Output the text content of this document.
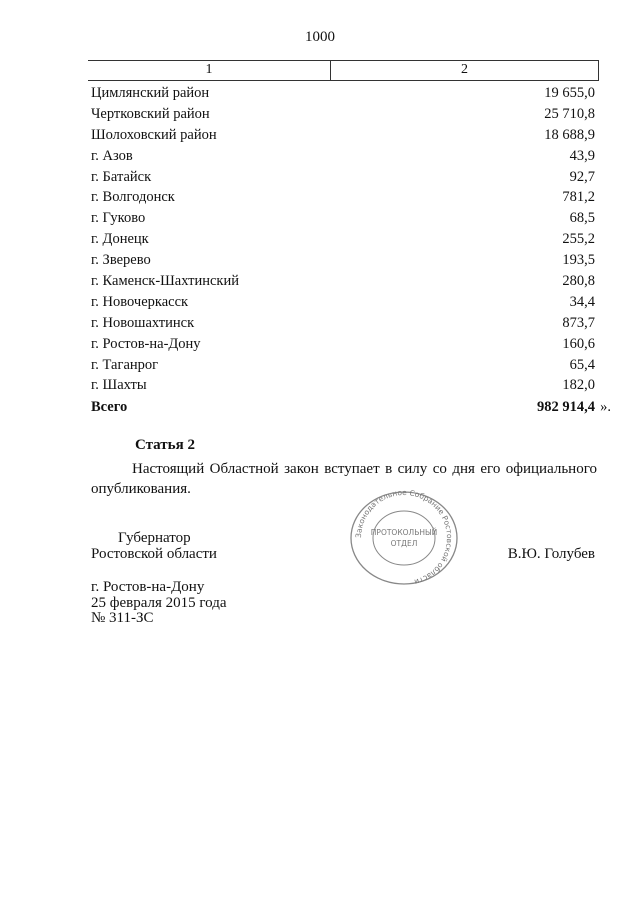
1000
1	2
Цимлянский район	19 655,0
Чертковский район	25 710,8
Шолоховский район	18 688,9
г. Азов	43,9
г. Батайск	92,7
г. Волгодонск	781,2
г. Гуково	68,5
г. Донецк	255,2
г. Зверево	193,5
г. Каменск-Шахтинский	280,8
г. Новочеркасск	34,4
г. Новошахтинск	873,7
г. Ростов-на-Дону	160,6
г. Таганрог	65,4
г. Шахты	182,0
Всего	982 914,4 ».
Статья 2
Настоящий Областной закон вступает в силу со дня его официального опубликования.
Губернатор
Ростовской области	В.Ю. Голубев
г. Ростов-на-Дону
25 февраля 2015 года
№ 311-ЗС
Законодательное Собрание Ростовской области
ПРОТОКОЛЬНЫЙ
ОТДЕЛ
